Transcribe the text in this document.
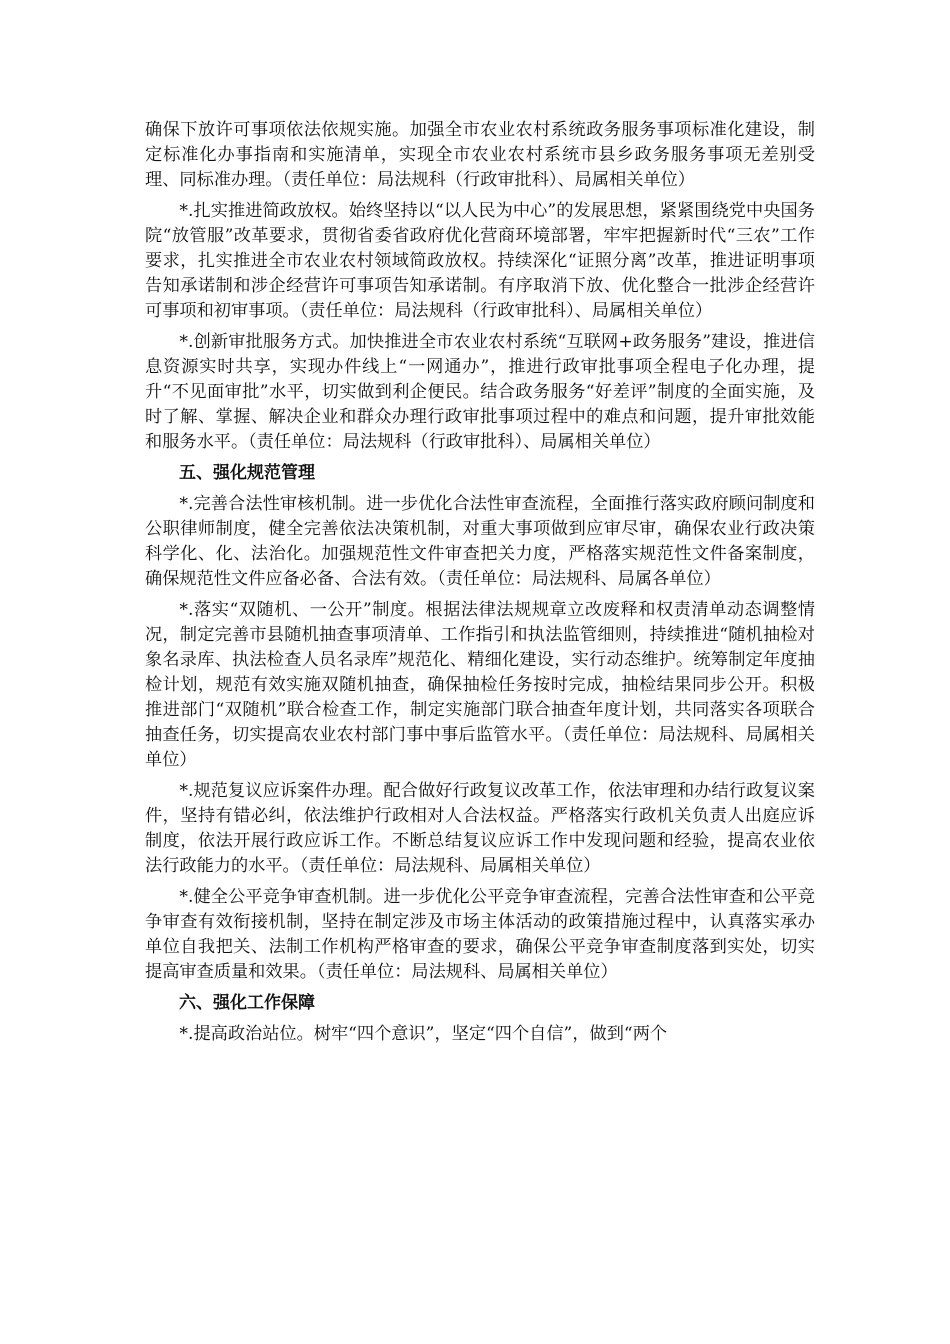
确保下放许可事项依法依规实施。加强全市农业农村系统政务服务事项标准化建设，制定标准化办事指南和实施清单，实现全市农业农村系统市县乡政务服务事项无差别受理、同标准办理。（责任单位：局法规科（行政审批科）、局属相关单位）

*.扎实推进简政放权。始终坚持以“以人民为中心”的发展思想，紧紧围绕党中央国务院“放管服”改革要求，贯彻省委省政府优化营商环境部署，牢牢把握新时代“三农”工作要求，扎实推进全市农业农村领域简政放权。持续深化“证照分离”改革，推进证明事项告知承诺制和涉企经营许可事项告知承诺制。有序取消下放、优化整合一批涉企经营许可事项和初审事项。（责任单位：局法规科（行政审批科）、局属相关单位）

*.创新审批服务方式。加快推进全市农业农村系统“互联网+政务服务”建设，推进信息资源实时共享，实现办件线上“一网通办”，推进行政审批事项全程电子化办理，提升“不见面审批”水平，切实做到利企便民。结合政务服务“好差评”制度的全面实施，及时了解、掌握、解决企业和群众办理行政审批事项过程中的难点和问题，提升审批效能和服务水平。（责任单位：局法规科（行政审批科）、局属相关单位）

五、强化规范管理

*.完善合法性审核机制。进一步优化合法性审查流程，全面推行落实政府顾问制度和公职律师制度，健全完善依法决策机制，对重大事项做到应审尽审，确保农业行政决策科学化、化、法治化。加强规范性文件审查把关力度，严格落实规范性文件备案制度，确保规范性文件应备必备、合法有效。（责任单位：局法规科、局属各单位）

*.落实“双随机、一公开”制度。根据法律法规规章立改废释和权责清单动态调整情况，制定完善市县随机抽查事项清单、工作指引和执法监管细则，持续推进“随机抽检对象名录库、执法检查人员名录库”规范化、精细化建设，实行动态维护。统筹制定年度抽检计划，规范有效实施双随机抽查，确保抽检任务按时完成，抽检结果同步公开。积极推进部门“双随机”联合检查工作，制定实施部门联合抽查年度计划，共同落实各项联合抽查任务，切实提高农业农村部门事中事后监管水平。（责任单位：局法规科、局属相关单位）

*.规范复议应诉案件办理。配合做好行政复议改革工作，依法审理和办结行政复议案件，坚持有错必纠，依法维护行政相对人合法权益。严格落实行政机关负责人出庭应诉制度，依法开展行政应诉工作。不断总结复议应诉工作中发现问题和经验，提高农业依法行政能力的水平。（责任单位：局法规科、局属相关单位）

*.健全公平竞争审查机制。进一步优化公平竞争审查流程，完善合法性审查和公平竞争审查有效衔接机制，坚持在制定涉及市场主体活动的政策措施过程中，认真落实承办单位自我把关、法制工作机构严格审查的要求，确保公平竞争审查制度落到实处，切实提高审查质量和效果。（责任单位：局法规科、局属相关单位）

六、强化工作保障

*.提高政治站位。树牢“四个意识”，坚定“四个自信”，做到“两个
